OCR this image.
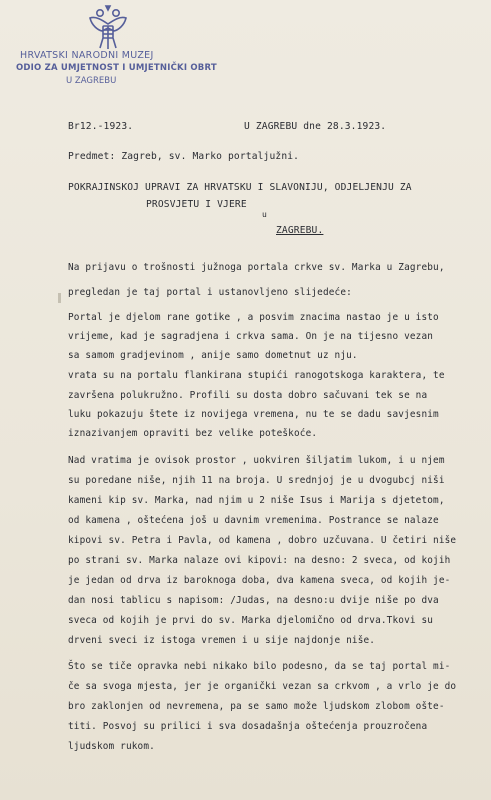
HRVATSKI NARODNI MUZEJ
ODIO ZA UMJETNOST I UMJETNIČKI OBRT
U ZAGREBU
Br12.-1923.	U ZAGREBU dne 28.3.1923.
Predmet: Zagreb, sv. Marko portaljužni.
POKRAJINSKOJ UPRAVI ZA HRVATSKU I SLAVONIJU, ODJELJENJU ZA
PROSVJETU I VJERE
u
ZAGREBU.
Na prijavu o trošnosti južnoga portala crkve sv. Marka u Zagrebu,
pregledan je taj portal i ustanovljeno slijedeće:
Portal je djelom rane gotike , a posvim znacima nastao je u isto
vrijeme, kad je sagradjena i crkva sama. On je na tijesno vezan
sa samom gradjevinom , anije samo dometnut uz nju.
vrata su na portalu flankirana stupići ranogotskoga karaktera, te
završena polukružno. Profili su dosta dobro sačuvani tek se na
luku pokazuju štete iz novijega vremena, nu te se dadu savjesnim
iznazivanjem opraviti bez velike poteškoće.
Nad vratima je ovisok prostor , uokviren šiljatim lukom, i u njem
su poredane niše, njih 11 na broja. U srednjoj je u dvogubcj niši
kameni kip sv. Marka, nad njim u 2 niše Isus i Marija s djetetom,
od kamena , oštećena još u davnim vremenima. Postrance se nalaze
kipovi sv. Petra i Pavla, od kamena , dobro uzčuvana. U četiri niše
po strani sv. Marka nalaze ovi kipovi: na desno: 2 sveca, od kojih
je jedan od drva iz baroknoga doba, dva kamena sveca, od kojih je-
dan nosi tablicu s napisom: /Judas, na desno:u dvije niše po dva
sveca od kojih je prvi do sv. Marka djelomično od drva.Tkovi su
drveni sveci iz istoga vremen i u sije najdonje niše.
Što se tiče opravka nebi nikako bilo podesno, da se taj portal mi-
če sa svoga mjesta, jer je organički vezan sa crkvom , a vrlo je do
bro zaklonjen od nevremena, pa se samo može ljudskom zlobom ošte-
titi. Posvoj su prilici i sva dosadašnja oštećenja prouzročena
ljudskom rukom.
